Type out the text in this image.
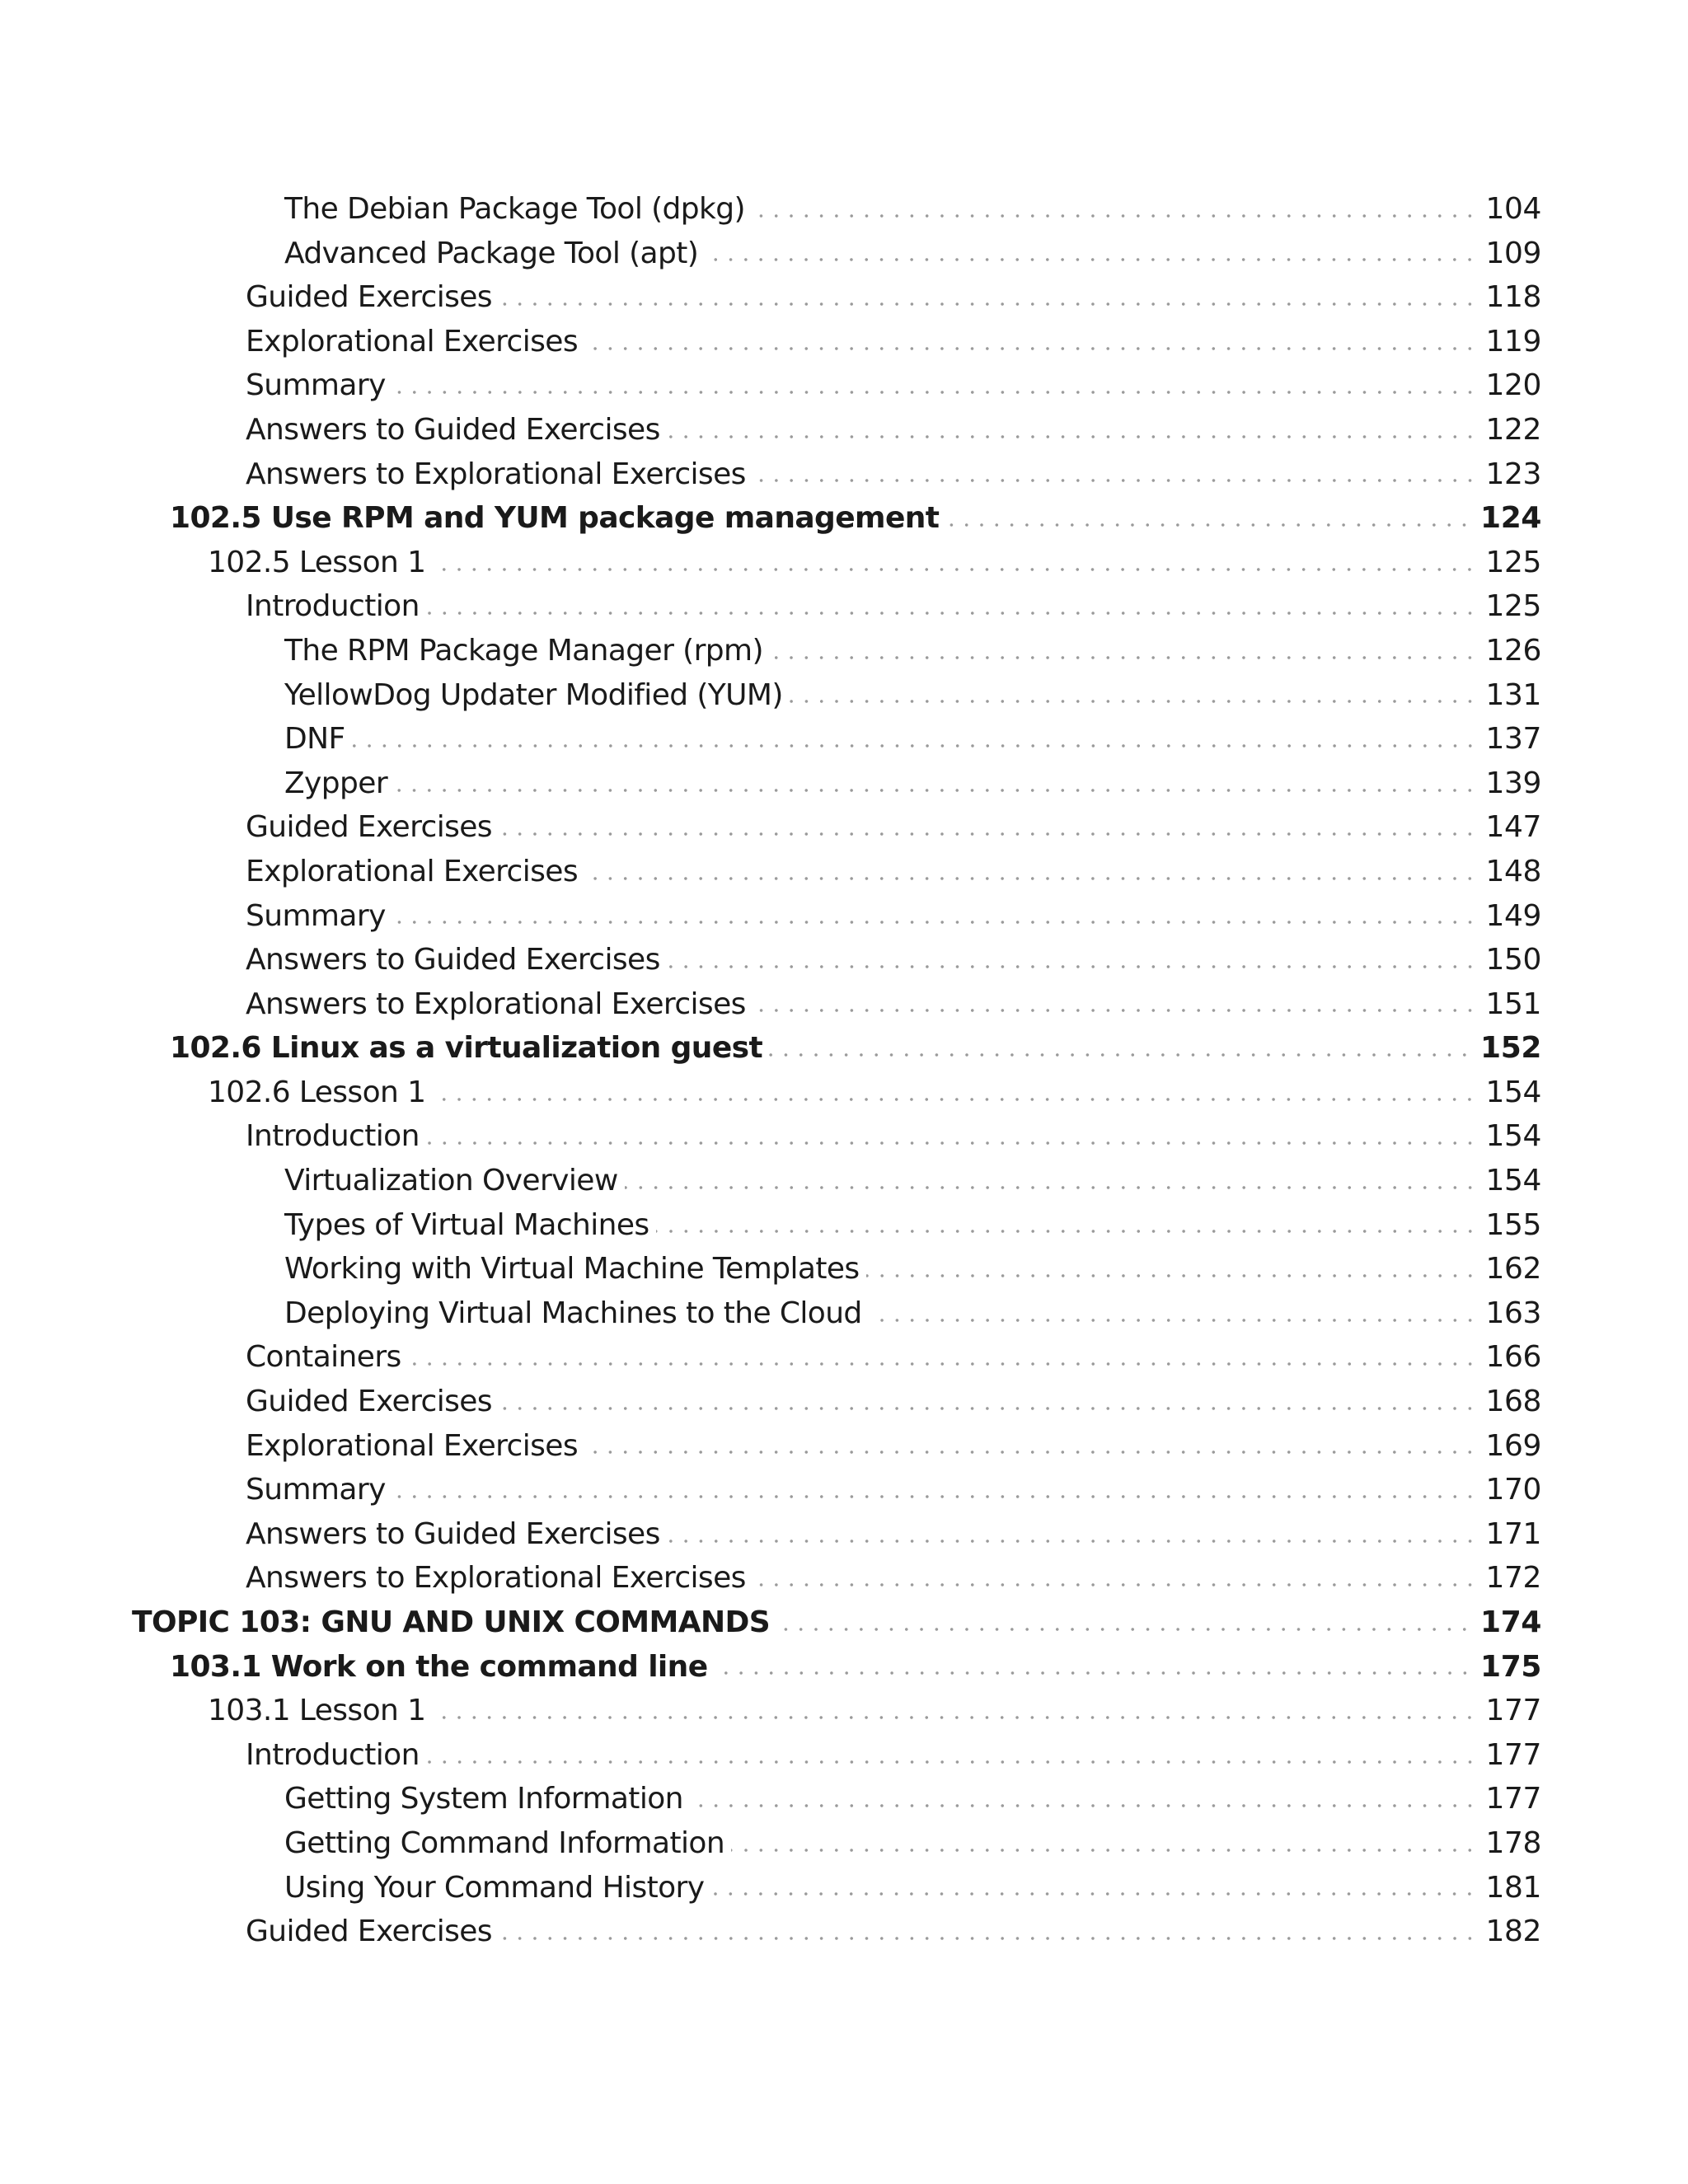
The Debian Package Tool (dpkg)	104
Advanced Package Tool (apt)	109
Guided Exercises	118
Explorational Exercises	119
Summary	120
Answers to Guided Exercises	122
Answers to Explorational Exercises	123
102.5 Use RPM and YUM package management	124
102.5 Lesson 1	125
Introduction	125
The RPM Package Manager (rpm)	126
YellowDog Updater Modified (YUM)	131
DNF	137
Zypper	139
Guided Exercises	147
Explorational Exercises	148
Summary	149
Answers to Guided Exercises	150
Answers to Explorational Exercises	151
102.6 Linux as a virtualization guest	152
102.6 Lesson 1	154
Introduction	154
Virtualization Overview	154
Types of Virtual Machines	155
Working with Virtual Machine Templates	162
Deploying Virtual Machines to the Cloud	163
Containers	166
Guided Exercises	168
Explorational Exercises	169
Summary	170
Answers to Guided Exercises	171
Answers to Explorational Exercises	172
TOPIC 103: GNU AND UNIX COMMANDS	174
103.1 Work on the command line	175
103.1 Lesson 1	177
Introduction	177
Getting System Information	177
Getting Command Information	178
Using Your Command History	181
Guided Exercises	182
